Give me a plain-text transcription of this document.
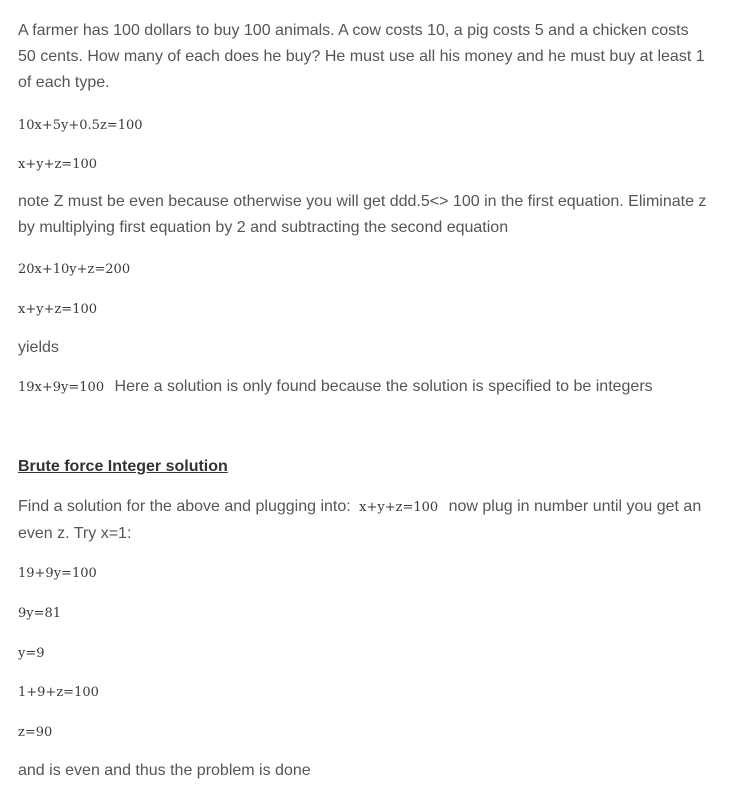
A farmer has 100 dollars to buy 100 animals. A cow costs 10, a pig costs 5 and a chicken costs 50 cents. How many of each does he buy? He must use all his money and he must buy at least 1 of each type.

10x+5y+0.5z=100
x+y+z=100

note Z must be even because otherwise you will get ddd.5<> 100 in the first equation. Eliminate z by multiplying first equation by 2 and subtracting the second equation

20x+10y+z=200
x+y+z=100

yields

19x+9y=100 Here a solution is only found because the solution is specified to be integers

Brute force Integer solution

Find a solution for the above and plugging into: x+y+z=100 now plug in number until you get an even z. Try x=1:

19+9y=100
9y=81
y=9
1+9+z=100
z=90

and is even and thus the problem is done
